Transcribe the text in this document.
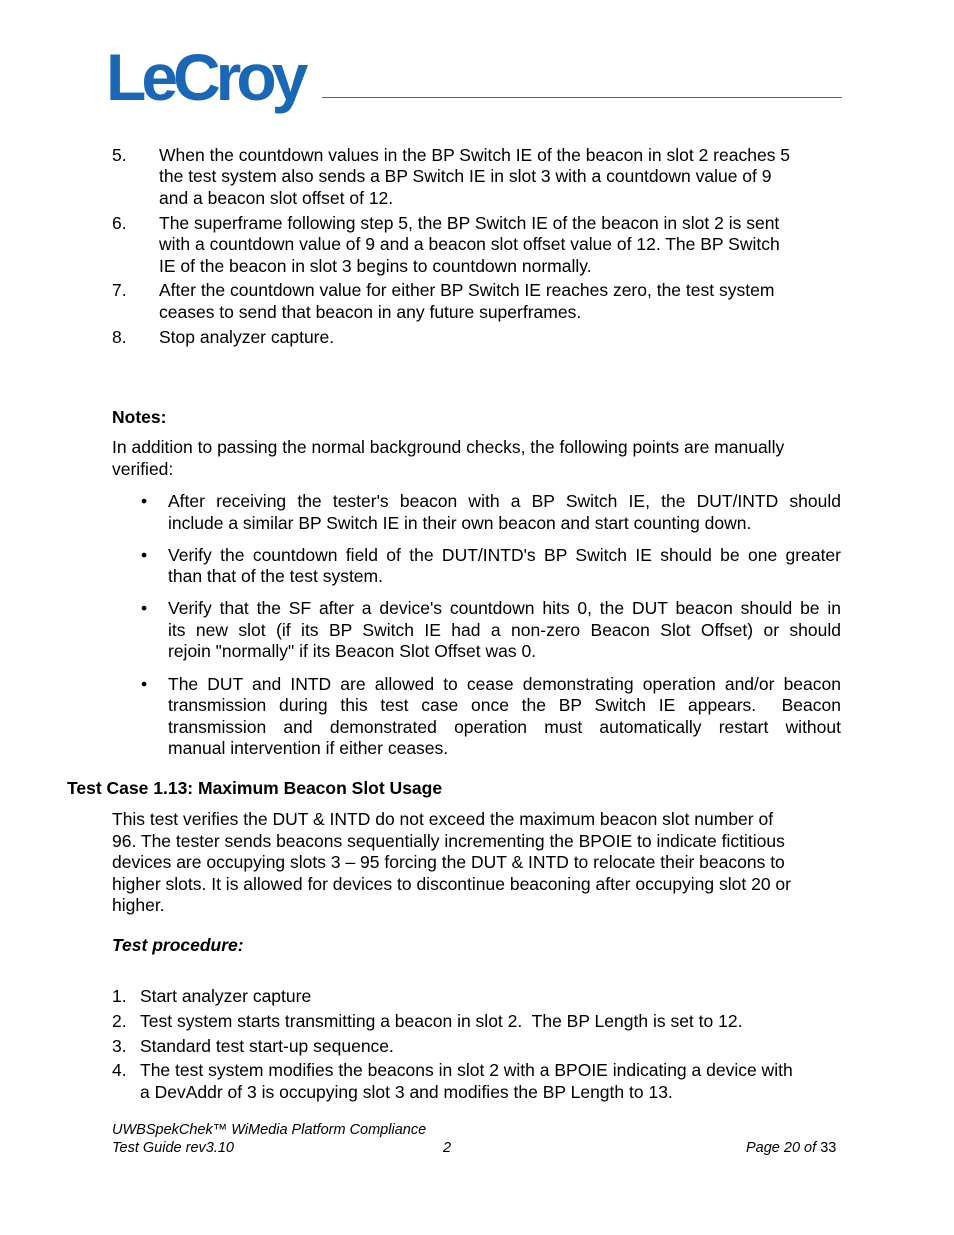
LeCroy
5. When the countdown values in the BP Switch IE of the beacon in slot 2 reaches 5
the test system also sends a BP Switch IE in slot 3 with a countdown value of 9
and a beacon slot offset of 12.
6. The superframe following step 5, the BP Switch IE of the beacon in slot 2 is sent
with a countdown value of 9 and a beacon slot offset value of 12. The BP Switch
IE of the beacon in slot 3 begins to countdown normally.
7. After the countdown value for either BP Switch IE reaches zero, the test system
ceases to send that beacon in any future superframes.
8. Stop analyzer capture.
Notes:
In addition to passing the normal background checks, the following points are manually
verified:
• After receiving the tester's beacon with a BP Switch IE, the DUT/INTD should
include a similar BP Switch IE in their own beacon and start counting down.
• Verify the countdown field of the DUT/INTD's BP Switch IE should be one greater
than that of the test system.
• Verify that the SF after a device's countdown hits 0, the DUT beacon should be in
its new slot (if its BP Switch IE had a non-zero Beacon Slot Offset) or should
rejoin "normally" if its Beacon Slot Offset was 0.
• The DUT and INTD are allowed to cease demonstrating operation and/or beacon
transmission during this test case once the BP Switch IE appears.  Beacon
transmission and demonstrated operation must automatically restart without
manual intervention if either ceases.
Test Case 1.13: Maximum Beacon Slot Usage
This test verifies the DUT & INTD do not exceed the maximum beacon slot number of
96. The tester sends beacons sequentially incrementing the BPOIE to indicate fictitious
devices are occupying slots 3 – 95 forcing the DUT & INTD to relocate their beacons to
higher slots. It is allowed for devices to discontinue beaconing after occupying slot 20 or
higher.
Test procedure:
1. Start analyzer capture
2. Test system starts transmitting a beacon in slot 2.  The BP Length is set to 12.
3. Standard test start-up sequence.
4. The test system modifies the beacons in slot 2 with a BPOIE indicating a device with
a DevAddr of 3 is occupying slot 3 and modifies the BP Length to 13.
UWBSpekChek™ WiMedia Platform Compliance
Test Guide rev3.10	2	Page 20 of 33
